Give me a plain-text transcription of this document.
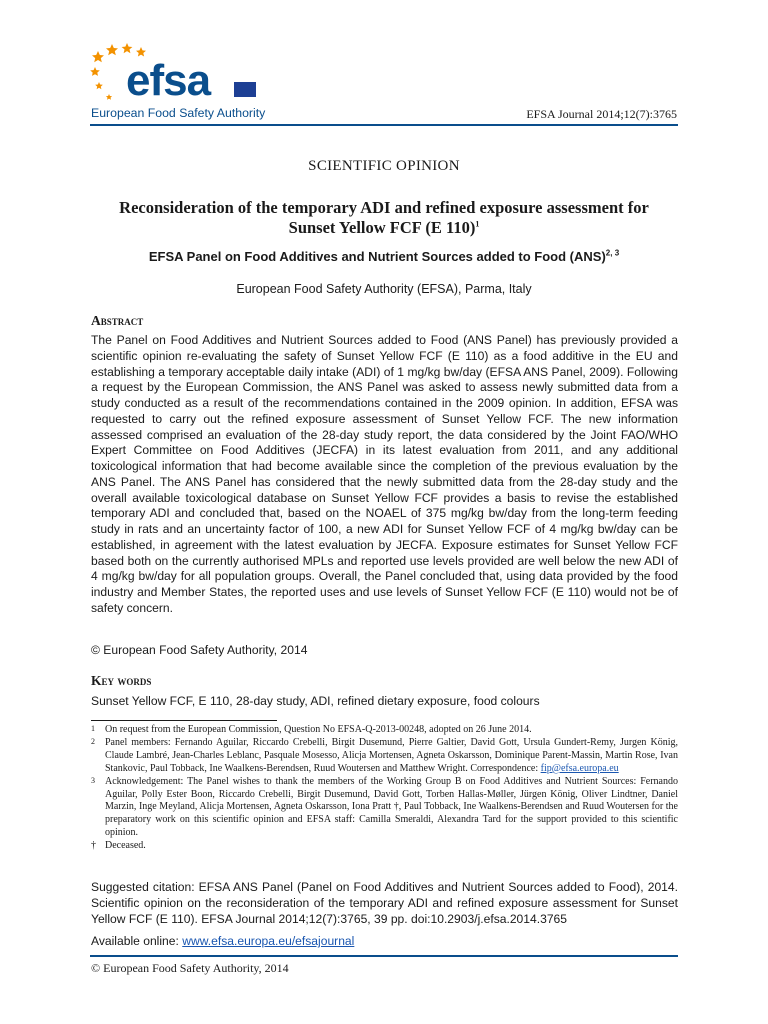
efsa
European Food Safety Authority	EFSA Journal 2014;12(7):3765
SCIENTIFIC OPINION
Reconsideration of the temporary ADI and refined exposure assessment for
Sunset Yellow FCF (E 110)$^1$
EFSA Panel on Food Additives and Nutrient Sources added to Food (ANS)$^{2, 3}$
European Food Safety Authority (EFSA), Parma, Italy
Abstract
The Panel on Food Additives and Nutrient Sources added to Food (ANS Panel) has previously provided a scientific opinion re-evaluating the safety of Sunset Yellow FCF (E 110) as a food additive in the EU and establishing a temporary acceptable daily intake (ADI) of 1 mg/kg bw/day (EFSA ANS Panel, 2009). Following a request by the European Commission, the ANS Panel was asked to assess newly submitted data from a study conducted as a result of the recommendations contained in the 2009 opinion. In addition, EFSA was requested to carry out the refined exposure assessment of Sunset Yellow FCF. The new information assessed comprised an evaluation of the 28-day study report, the data considered by the Joint FAO/WHO Expert Committee on Food Additives (JECFA) in its latest evaluation from 2011, and any additional toxicological information that had become available since the completion of the previous evaluation by the ANS Panel. The ANS Panel has considered that the newly submitted data from the 28-day study and the overall available toxicological database on Sunset Yellow FCF provides a basis to revise the established temporary ADI and concluded that, based on the NOAEL of 375 mg/kg bw/day from the long-term feeding study in rats and an uncertainty factor of 100, a new ADI for Sunset Yellow FCF of 4 mg/kg bw/day can be established, in agreement with the latest evaluation by JECFA. Exposure estimates for Sunset Yellow FCF based both on the currently authorised MPLs and reported use levels provided are well below the new ADI of 4 mg/kg bw/day for all population groups. Overall, the Panel concluded that, using data provided by the food industry and Member States, the reported uses and use levels of Sunset Yellow FCF (E 110) would not be of safety concern.
© European Food Safety Authority, 2014
Key words
Sunset Yellow FCF, E 110, 28-day study, ADI, refined dietary exposure, food colours
1	On request from the European Commission, Question No EFSA-Q-2013-00248, adopted on 26 June 2014.
2	Panel members: Fernando Aguilar, Riccardo Crebelli, Birgit Dusemund, Pierre Galtier, David Gott, Ursula Gundert-Remy, Jurgen König, Claude Lambré, Jean-Charles Leblanc, Pasquale Mosesso, Alicja Mortensen, Agneta Oskarsson, Dominique Parent-Massin, Martin Rose, Ivan Stankovic, Paul Tobback, Ine Waalkens-Berendsen, Ruud Woutersen and Matthew Wright. Correspondence: fip@efsa.europa.eu
3	Acknowledgement: The Panel wishes to thank the members of the Working Group B on Food Additives and Nutrient Sources: Fernando Aguilar, Polly Ester Boon, Riccardo Crebelli, Birgit Dusemund, David Gott, Torben Hallas-Møller, Jürgen König, Oliver Lindtner, Daniel Marzin, Inge Meyland, Alicja Mortensen, Agneta Oskarsson, Iona Pratt †, Paul Tobback, Ine Waalkens-Berendsen and Ruud Woutersen for the preparatory work on this scientific opinion and EFSA staff: Camilla Smeraldi, Alexandra Tard for the support provided to this scientific opinion.
† Deceased.
Suggested citation: EFSA ANS Panel (Panel on Food Additives and Nutrient Sources added to Food), 2014. Scientific opinion on the reconsideration of the temporary ADI and refined exposure assessment for Sunset Yellow FCF (E 110). EFSA Journal 2014;12(7):3765, 39 pp. doi:10.2903/j.efsa.2014.3765
Available online: www.efsa.europa.eu/efsajournal
© European Food Safety Authority, 2014
